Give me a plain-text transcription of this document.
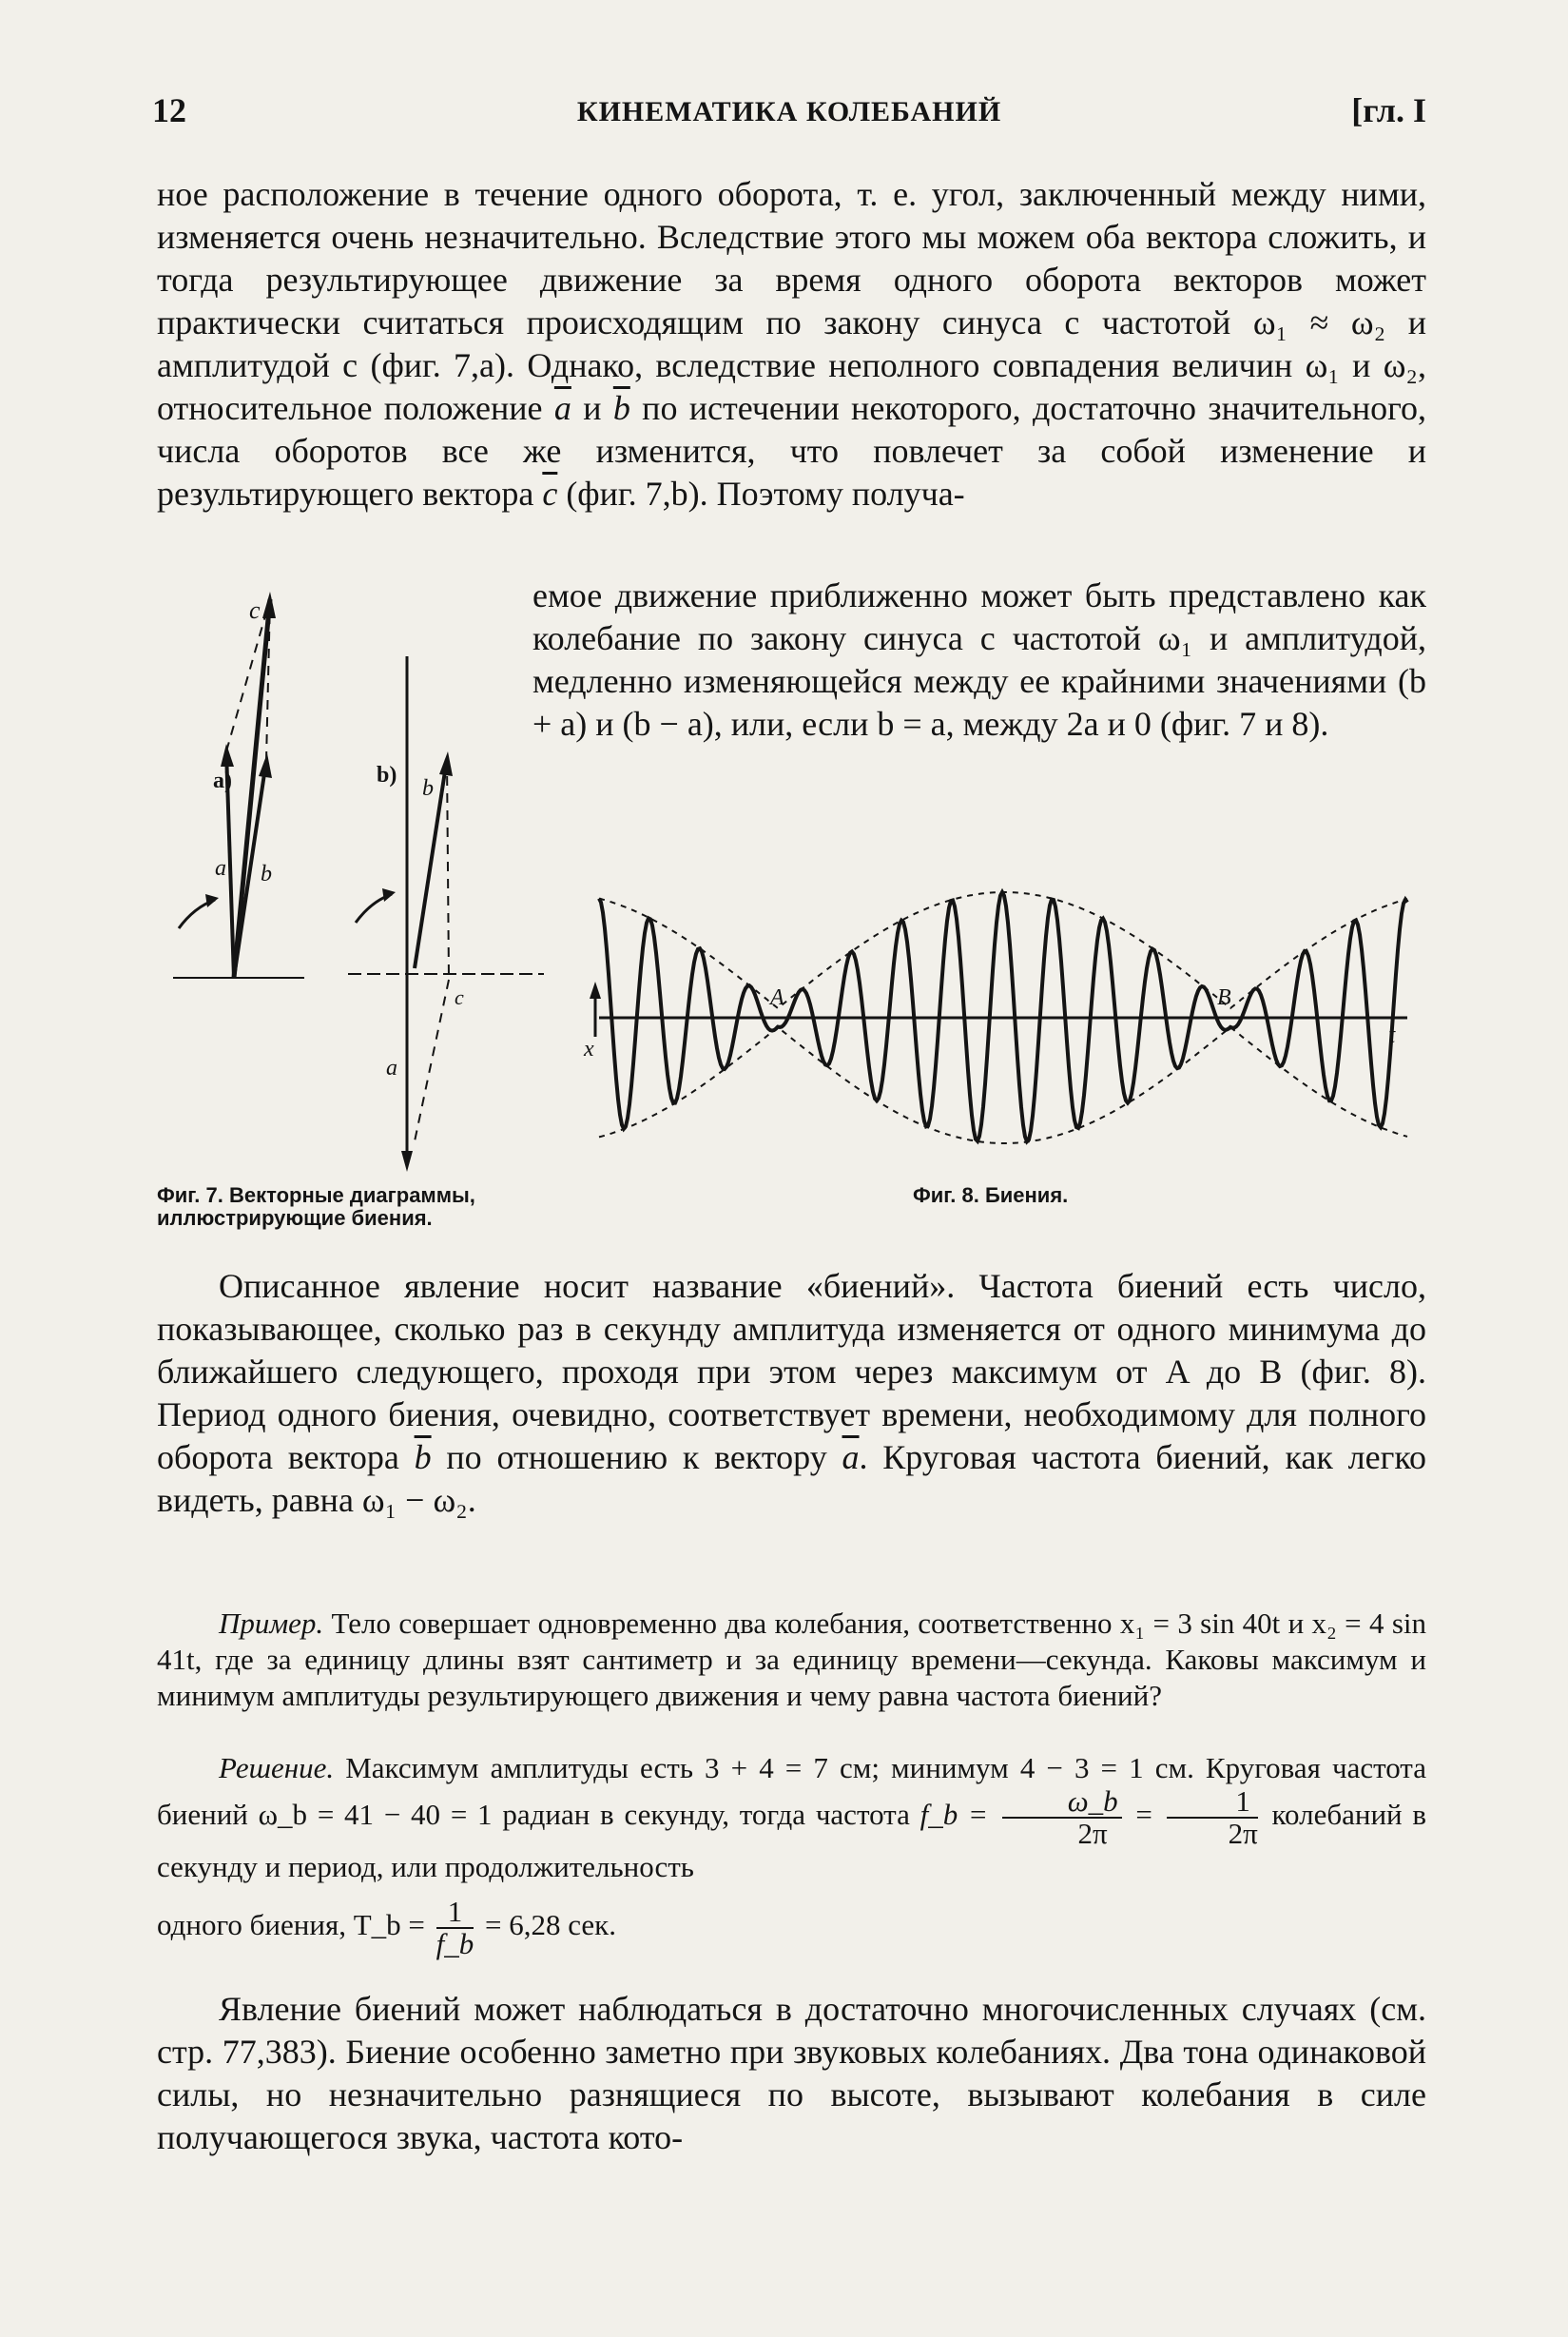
12	КИНЕМАТИКА КОЛЕБАНИЙ	[гл. I

ное расположение в течение одного оборота, т. е. угол, заключенный между ними, изменяется очень незначительно. Вследствие этого мы можем оба вектора сложить, и тогда результирующее движение за время одного оборота векторов может практически считаться происходящим по закону синуса с частотой ω₁ ≈ ω₂ и амплитудой c (фиг. 7,a). Однако, вследствие неполного совпадения величин ω₁ и ω₂, относительное положение $\overline{a}$ и $\overline{b}$ по истечении некоторого, достаточно значительного, числа оборотов все же изменится, что повлечет за собой изменение и результирующего вектора $\overline{c}$ (фиг. 7,b). Поэтому получа-

емое движение приближенно может быть представлено как колебание по закону синуса с частотой ω₁ и амплитудой, медленно изменяющейся между ее крайними значениями (b + a) и (b − a), или, если b = a, между 2a и 0 (фиг. 7 и 8).

c
a)
a b
b)
b
c
a
A	B
x
t
Фиг. 7. Векторные диаграммы, иллюстрирующие биения.
Фиг. 8. Биения.

Описанное явление носит название «биений». Частота биений есть число, показывающее, сколько раз в секунду амплитуда изменяется от одного минимума до ближайшего следующего, проходя при этом через максимум от A до B (фиг. 8). Период одного биения, очевидно, соответствует времени, необходимому для полного оборота вектора $\overline{b}$ по отношению к вектору $\overline{a}$. Круговая частота биений, как легко видеть, равна ω₁ − ω₂.

Пример. Тело совершает одновременно два колебания, соответственно x₁ = 3 sin 40t и x₂ = 4 sin 41t, где за единицу длины взят сантиметр и за единицу времени—секунда. Каковы максимум и минимум амплитуды результирующего движения и чему равна частота биений?

Решение. Максимум амплитуды есть 3 + 4 = 7 см; минимум 4 − 3 = 1 см. Круговая частота биений ω_b = 41 − 40 = 1 радиан в секунду, тогда частота f_b = $\frac{\omega\_b}{2\pi} = \frac{1}{2\pi}$ колебаний в секунду и период, или продолжительность

одного биения, T_b = $\frac{1}{f\_b} = 6,28$ сек.

Явление биений может наблюдаться в достаточно многочисленных случаях (см. стр. 77,383). Биение особенно заметно при звуковых колебаниях. Два тона одинаковой силы, но незначительно разнящиеся по высоте, вызывают колебания в силе получающегося звука, частота кото-
